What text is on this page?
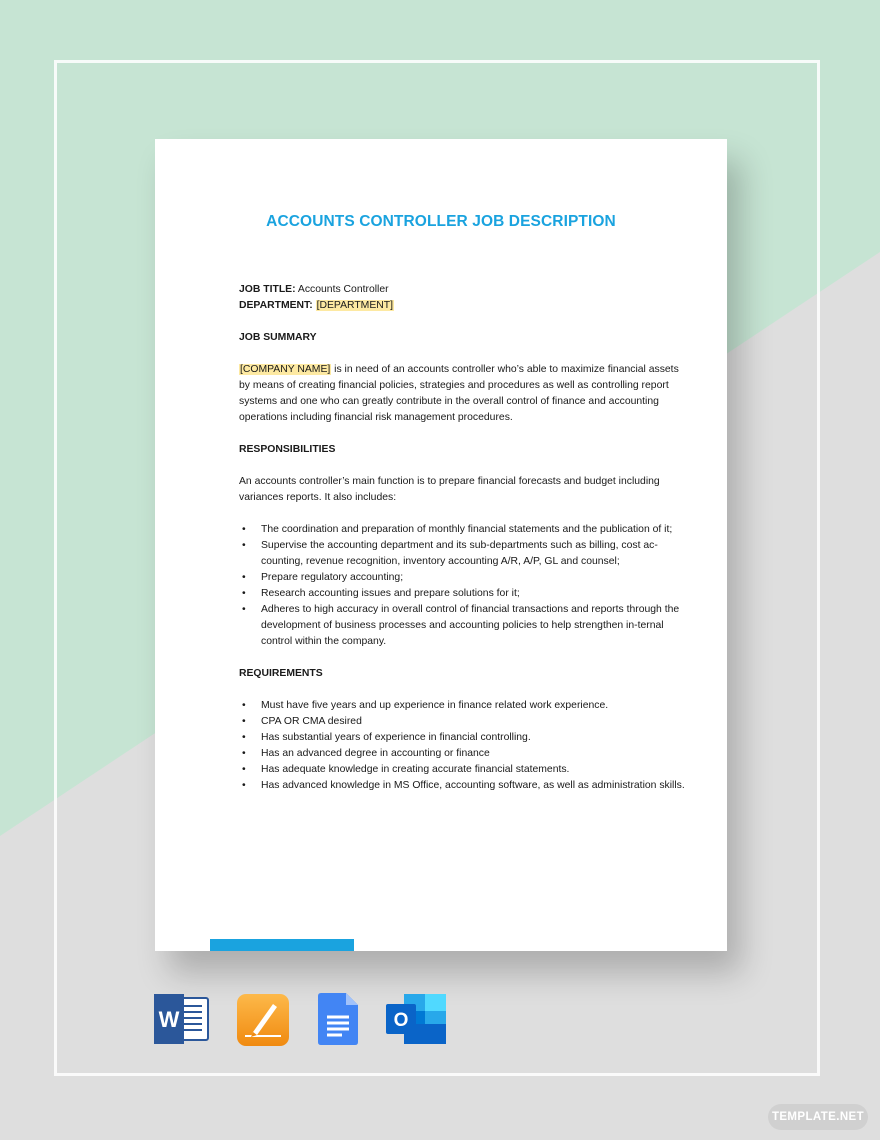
ACCOUNTS CONTROLLER JOB DESCRIPTION

JOB TITLE: Accounts Controller

DEPARTMENT: [DEPARTMENT]

JOB SUMMARY

[COMPANY NAME] is in need of an accounts controller who’s able to maximize financial assets by means of creating financial policies, strategies and procedures as well as controlling report systems and one who can greatly contribute in the overall control of finance and accounting operations including financial risk management procedures.

RESPONSIBILITIES

An accounts controller’s main function is to prepare financial forecasts and budget including variances reports. It also includes:

• The coordination and preparation of monthly financial statements and the publication of it;
• Supervise the accounting department and its sub-departments such as billing, cost ac-counting, revenue recognition, inventory accounting A/R, A/P, GL and counsel;
• Prepare regulatory accounting;
• Research accounting issues and prepare solutions for it;
• Adheres to high accuracy in overall control of financial transactions and reports through the development of business processes and accounting policies to help strengthen in-ternal control within the company.

REQUIREMENTS

• Must have five years and up experience in finance related work experience.
• CPA OR CMA desired
• Has substantial years of experience in financial controlling.
• Has an advanced degree in accounting or finance
• Has adequate knowledge in creating accurate financial statements.
• Has advanced knowledge in MS Office, accounting software, as well as administration skills.
W	O
TEMPLATE.NET
